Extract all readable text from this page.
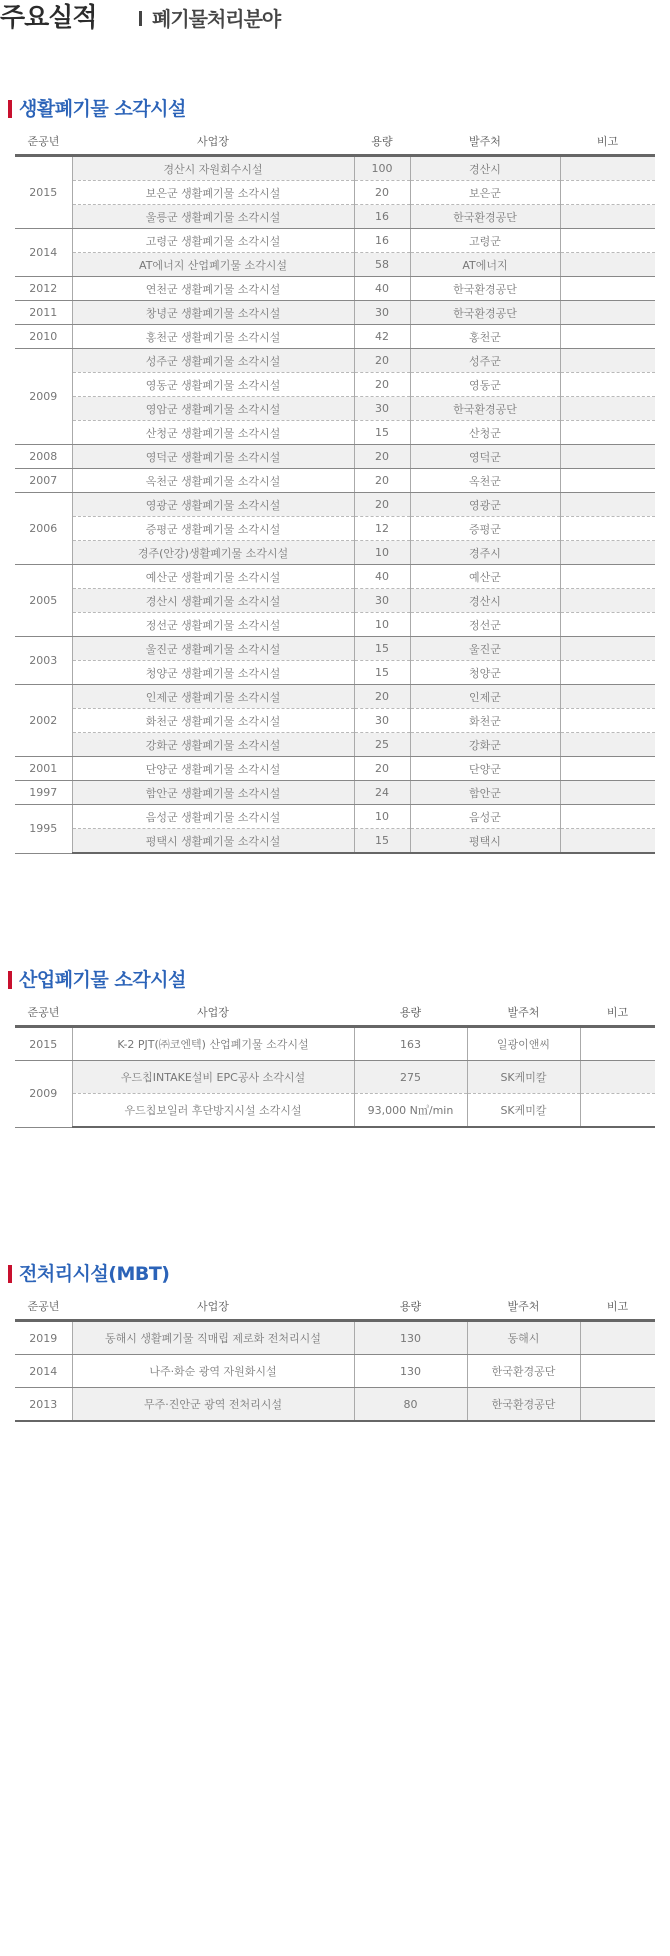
주요실적	폐기물처리분야
생활폐기물 소각시설
준공년	사업장	용량	발주처	비고
2015	경산시 자원회수시설	100	경산시	
	보은군 생활폐기물 소각시설	20	보은군	
	울릉군 생활폐기물 소각시설	16	한국환경공단	
2014	고령군 생활폐기물 소각시설	16	고령군	
	AT에너지 산업폐기물 소각시설	58	AT에너지	
2012	연천군 생활폐기물 소각시설	40	한국환경공단	
2011	창녕군 생활폐기물 소각시설	30	한국환경공단	
2010	홍천군 생활폐기물 소각시설	42	홍천군	
2009	성주군 생활폐기물 소각시설	20	성주군	
	영동군 생활폐기물 소각시설	20	영동군	
	영암군 생활폐기물 소각시설	30	한국환경공단	
	산청군 생활폐기물 소각시설	15	산청군	
2008	영덕군 생활폐기물 소각시설	20	영덕군	
2007	옥천군 생활폐기물 소각시설	20	옥천군	
2006	영광군 생활폐기물 소각시설	20	영광군	
	증평군 생활폐기물 소각시설	12	증평군	
	경주(안강)생활폐기물 소각시설	10	경주시	
2005	예산군 생활폐기물 소각시설	40	예산군	
	경산시 생활폐기물 소각시설	30	경산시	
	정선군 생활폐기물 소각시설	10	정선군	
2003	울진군 생활폐기물 소각시설	15	울진군	
	청양군 생활폐기물 소각시설	15	청양군	
2002	인제군 생활폐기물 소각시설	20	인제군	
	화천군 생활폐기물 소각시설	30	화천군	
	강화군 생활폐기물 소각시설	25	강화군	
2001	단양군 생활폐기물 소각시설	20	단양군	
1997	함안군 생활폐기물 소각시설	24	함안군	
1995	음성군 생활폐기물 소각시설	10	음성군	
	평택시 생활폐기물 소각시설	15	평택시	
산업폐기물 소각시설
준공년	사업장	용량	발주처	비고
2015	K-2 PJT(㈜코엔텍) 산업폐기물 소각시설	163	일광이앤씨	
2009	우드칩INTAKE설비 EPC공사 소각시설	275	SK케미칼	
	우드칩보일러 후단방지시설 소각시설	93,000 N㎥/min	SK케미칼	
전처리시설(MBT)
준공년	사업장	용량	발주처	비고
2019	동해시 생활폐기물 직매립 제로화 전처리시설	130	동해시	
2014	나주·화순 광역 자원화시설	130	한국환경공단	
2013	무주·진안군 광역 전처리시설	80	한국환경공단	
